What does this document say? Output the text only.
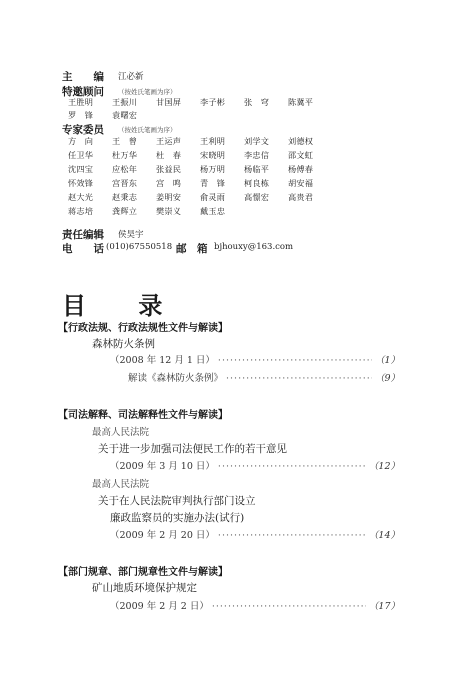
主　　编 江必新
特邀顾问 （按姓氏笔画为序）
王胜明 王振川 甘国屏 李子彬 张　穹 陈冀平
罗　锋 袁曙宏
专家委员 （按姓氏笔画为序）
方　向 王　曾 王运声 王利明 刘学文 刘德权
任卫华 杜万华 杜　春 宋晓明 李忠信 邵文虹
沈四宝 应松年 张益民 杨万明 杨临平 杨傅春
怀效锋 宫晋东 宫　鸣 青　锋 柯良栋 胡安福
赵大光 赵秉志 姜明安 俞灵雨 高憬宏 高贵君
蒋志培 龚辉立 樊崇义 戴玉忠
责任编辑 侯昊宇
电　　话 (010)67550518 邮　箱 bjhouxy@163.com
目 录
【行政法规、行政法规性文件与解读】
森林防火条例
（2008 年 12 月 1 日） ·····	（1）
解读《森林防火条例》 ·····	（9）
【司法解释、司法解释性文件与解读】
最高人民法院
关于进一步加强司法便民工作的若干意见
（2009 年 3 月 10 日） ·····	（12）
最高人民法院
关于在人民法院审判执行部门设立
廉政监察员的实施办法(试行)
（2009 年 2 月 20 日） ·····	（14）
【部门规章、部门规章性文件与解读】
矿山地质环境保护规定
（2009 年 2 月 2 日） ·····	（17）
